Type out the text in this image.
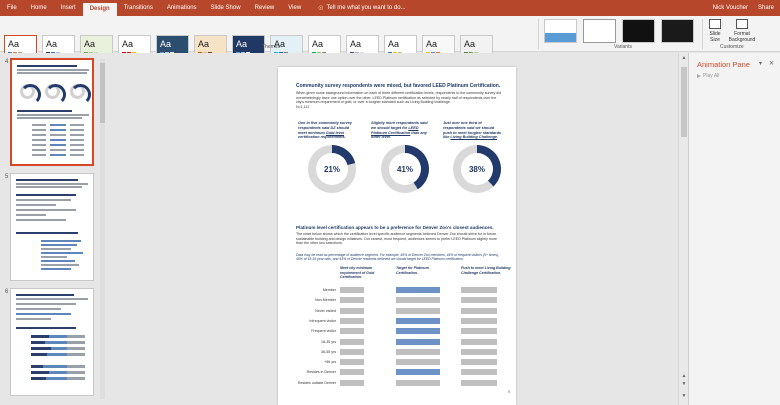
File	Home	Insert	Design	Transitions	Animations	Slide Show	Review	View	☉ Tell me what you want to do...	Nick Voucher Share
Aa	Aa	Aa	Aa	Aa	Aa	Aa	Aa	Aa	Aa	Aa	Aa	Aa
Themes	Variants
Slide Size
Format Background
Customize
4
5
6
Community survey respondents were mixed, but favored LEED Platinum Certification.
When given some background information on each of three different certification levels, respondents to the community survey did overwhelmingly favor one option over the other. LEED Platinum certification as selected by nearly half of respondents over the city's minimum requirement of gold, or over a tougher standard such as Living Building challenge.
N=1,112
One in five community survey respondents said DZ should meet minimum Gold level certification requirements.
Slightly more respondents said we should target for LEED Platinum Certification than any other level.
Just over one third of respondents said we should push to meet tougher standards like Living Building Challenge.
21%	41%	38%
Platinum level certification appears to be a preference for Denver Zoo's closest audiences.
The chart below shows which the certification level specific audience segments believed Denver Zoo should strive for in future sustainable building and design initiatives. Our closest, most frequent, audiences seems to prefer LEED Platinum slightly more than the other two selections.
Data may be read as percentage of audience segment. For example, 45% of Denver Zoo members, 44% of frequent visitors (5+ times), 45% of 18-35 year olds, and 43% of Denver residents believed we should target for LEED Platinum certification.
Meet city minimum requirement of Gold Certification.
Target for Platinum Certification.
Push to meet Living Building Challenge Certification.
Member
Non-Member
Never visited
Infrequent visitor
Frequent visitor
18-35 yrs
36-55 yrs
+56 yrs
Resides in Denver
Resides outside Denver
9
▲
▲
▼
▼
Animation Pane ▾ ✕
Play All
